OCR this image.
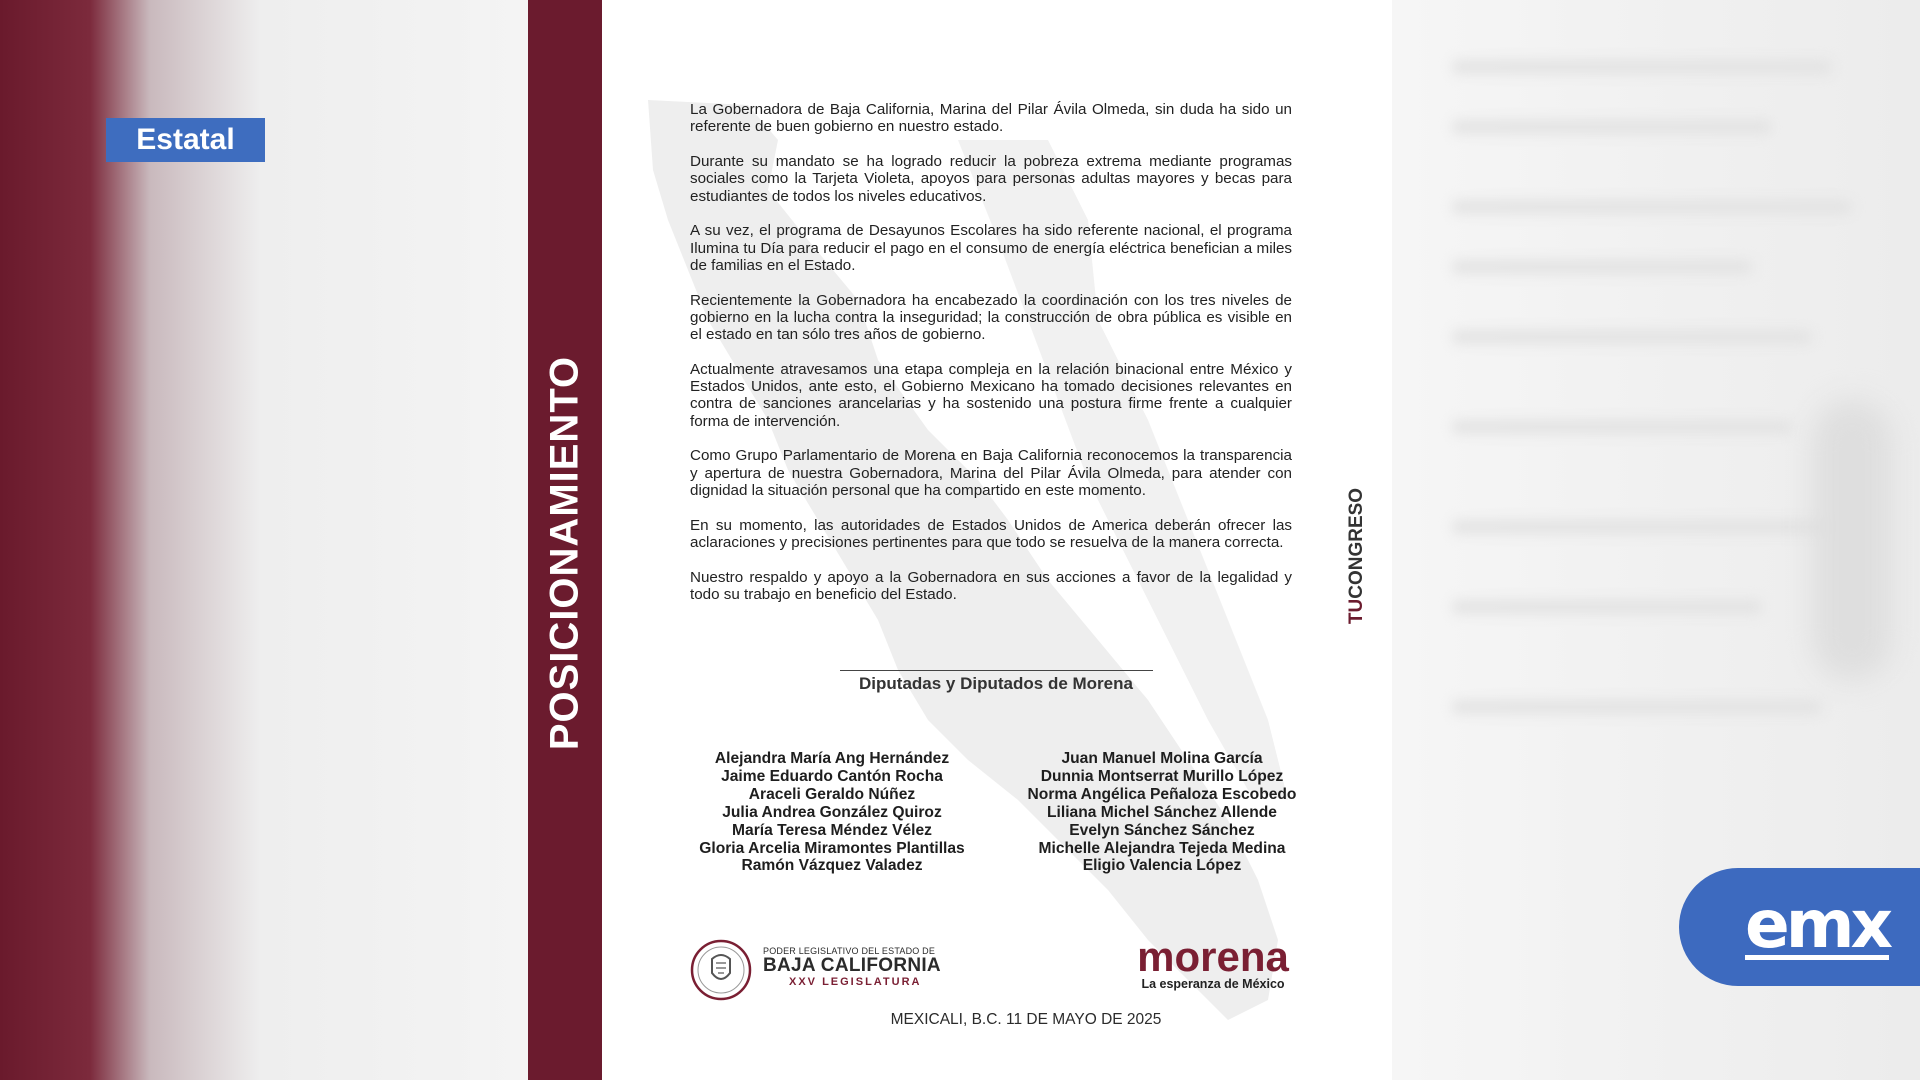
Estatal
POSICIONAMIENTO	TUCONGRESO

La Gobernadora de Baja California, Marina del Pilar Ávila Olmeda, sin duda ha sido un referente de buen gobierno en nuestro estado.

Durante su mandato se ha logrado reducir la pobreza extrema mediante programas sociales como la Tarjeta Violeta, apoyos para personas adultas mayores y becas para estudiantes de todos los niveles educativos.

A su vez, el programa de Desayunos Escolares ha sido referente nacional, el programa Ilumina tu Día para reducir el pago en el consumo de energía eléctrica benefician a miles de familias en el Estado.

Recientemente la Gobernadora ha encabezado la coordinación con los tres niveles de gobierno en la lucha contra la inseguridad; la construcción de obra pública es visible en el estado en tan sólo tres años de gobierno.

Actualmente atravesamos una etapa compleja en la relación binacional entre México y Estados Unidos, ante esto, el Gobierno Mexicano ha tomado decisiones relevantes en contra de sanciones arancelarias y ha sostenido una postura firme frente a cualquier forma de intervención.

Como Grupo Parlamentario de Morena en Baja California reconocemos la transparencia y apertura de nuestra Gobernadora, Marina del Pilar Ávila Olmeda, para atender con dignidad la situación personal que ha compartido en este momento.

En su momento, las autoridades de Estados Unidos de America deberán ofrecer las aclaraciones y precisiones pertinentes para que todo se resuelva de la manera correcta.

Nuestro respaldo y apoyo a la Gobernadora en sus acciones a favor de la legalidad y todo su trabajo en beneficio del Estado.

Diputadas y Diputados de Morena
Alejandra María Ang Hernández
Jaime Eduardo Cantón Rocha
Araceli Geraldo Núñez
Julia Andrea González Quiroz
María Teresa Méndez Vélez
Gloria Arcelia Miramontes Plantillas
Ramón Vázquez Valadez
Juan Manuel Molina García
Dunnia Montserrat Murillo López
Norma Angélica Peñaloza Escobedo
Liliana Michel Sánchez Allende
Evelyn Sánchez Sánchez
Michelle Alejandra Tejeda Medina
Eligio Valencia López
PODER LEGISLATIVO DEL ESTADO DE
BAJA CALIFORNIA
XXV LEGISLATURA
morena
La esperanza de México
MEXICALI, B.C. 11 DE MAYO DE 2025
emx
